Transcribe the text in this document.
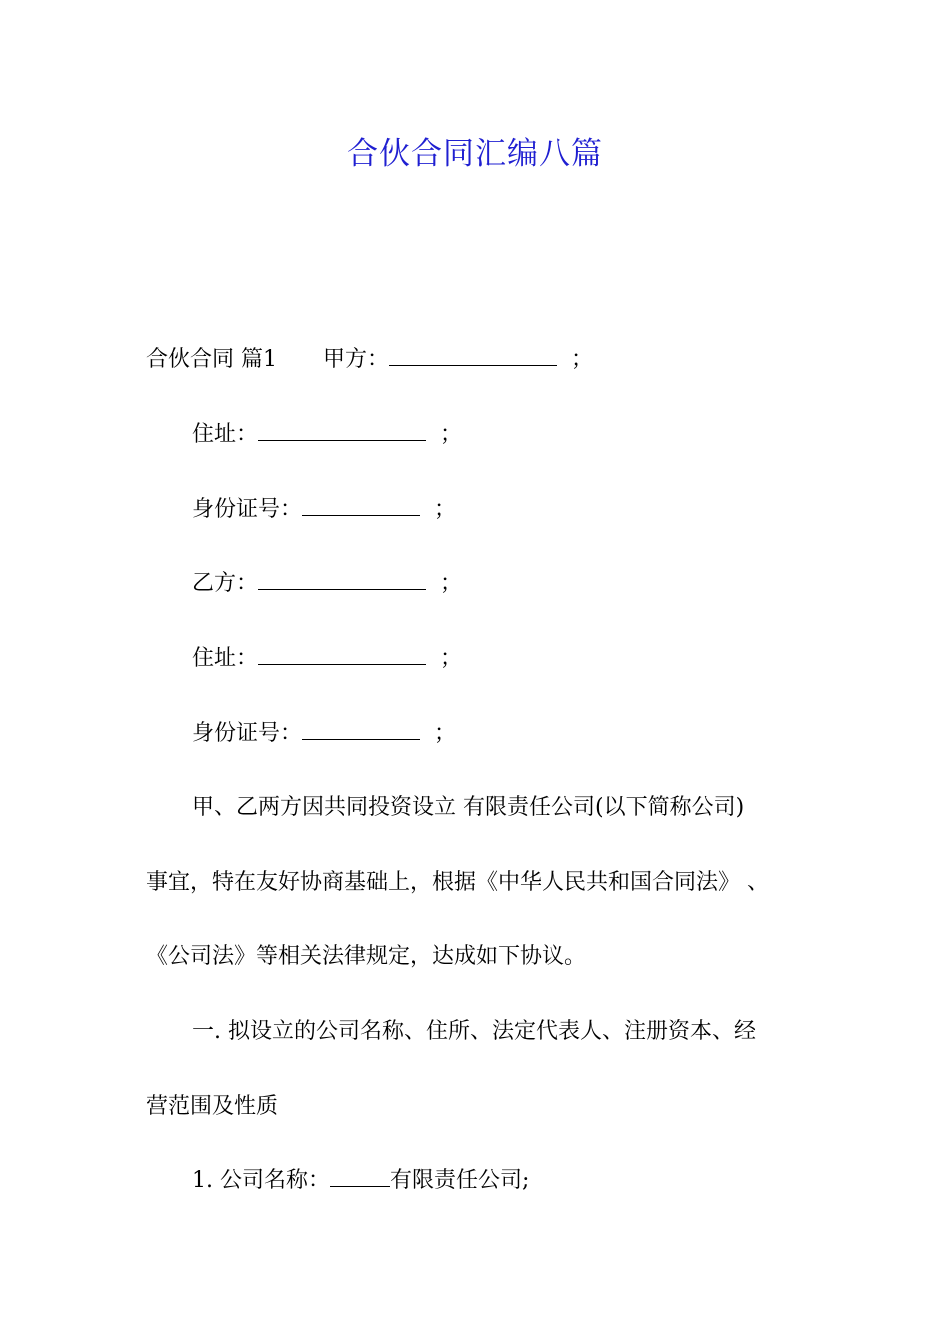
合伙合同汇编八篇
合伙合同 篇1 甲方：	；
住址：	；
身份证号：	；
乙方：	；
住址：	；
身份证号：	；
甲、乙两方因共同投资设立 有限责任公司(以下简称公司)
事宜，特在友好协商基础上，根据《中华人民共和国合同法》 、
《公司法》等相关法律规定，达成如下协议。
一. 拟设立的公司名称、住所、法定代表人、注册资本、经
营范围及性质
1. 公司名称：	有限责任公司;
